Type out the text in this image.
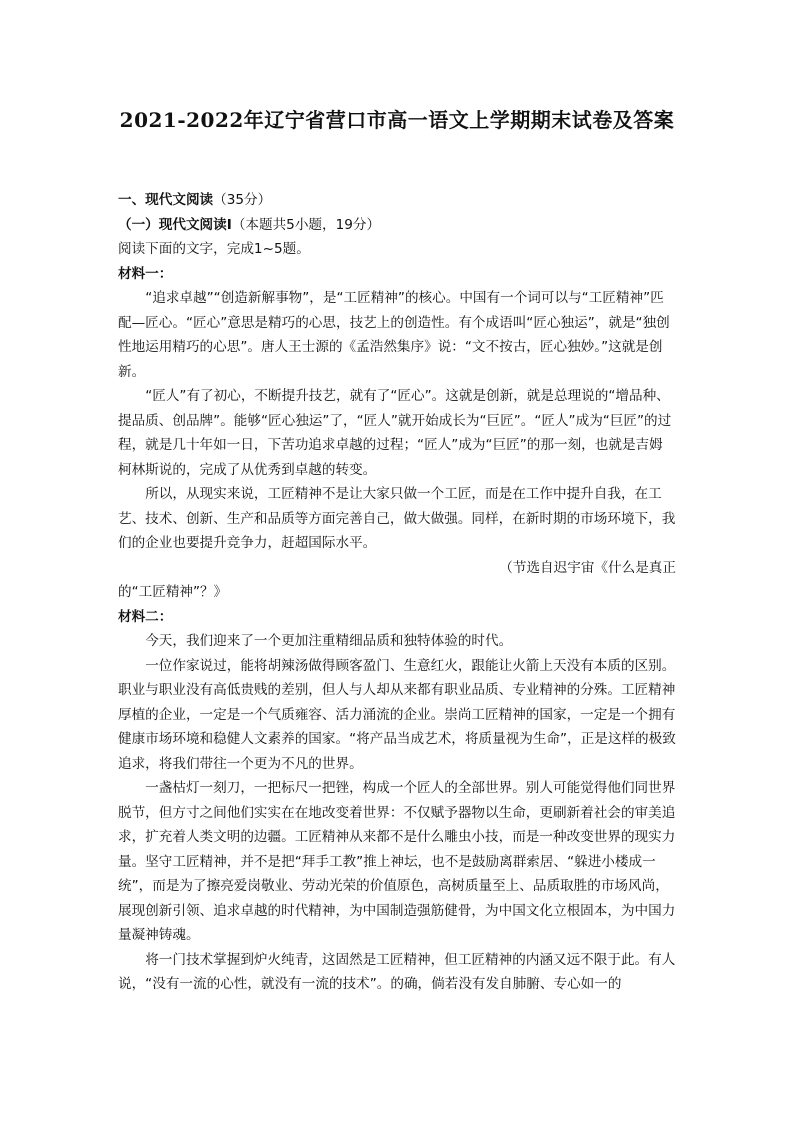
2021-2022年辽宁省营口市高一语文上学期期末试卷及答案

一、现代文阅读（35分）

（一）现代文阅读Ⅰ（本题共5小题，19分）

阅读下面的文字，完成1~5题。

材料一：

“追求卓越”“创造新解事物”，是“工匠精神”的核心。中国有一个词可以与“工匠精神”匹配—匠心。“匠心”意思是精巧的心思，技艺上的创造性。有个成语叫“匠心独运”，就是“独创性地运用精巧的心思”。唐人王士源的《孟浩然集序》说：“文不按古，匠心独妙。”这就是创新。

“匠人”有了初心，不断提升技艺，就有了“匠心”。这就是创新，就是总理说的“增品种、提品质、创品牌”。能够“匠心独运”了，“匠人”就开始成长为“巨匠”。“匠人”成为“巨匠”的过程，就是几十年如一日，下苦功追求卓越的过程；“匠人”成为“巨匠”的那一刻，也就是吉姆柯林斯说的，完成了从优秀到卓越的转变。

所以，从现实来说，工匠精神不是让大家只做一个工匠，而是在工作中提升自我，在工艺、技术、创新、生产和品质等方面完善自己，做大做强。同样，在新时期的市场环境下，我们的企业也要提升竞争力，赶超国际水平。

（节选自迟宇宙《什么是真正

的“工匠精神”？》

材料二：

今天，我们迎来了一个更加注重精细品质和独特体验的时代。

一位作家说过，能将胡辣汤做得顾客盈门、生意红火，跟能让火箭上天没有本质的区别。职业与职业没有高低贵贱的差别，但人与人却从来都有职业品质、专业精神的分殊。工匠精神厚植的企业，一定是一个气质雍容、活力涌流的企业。崇尚工匠精神的国家，一定是一个拥有健康市场环境和稳健人文素养的国家。“将产品当成艺术，将质量视为生命”，正是这样的极致追求，将我们带往一个更为不凡的世界。

一盏枯灯一刻刀，一把标尺一把锉，构成一个匠人的全部世界。别人可能觉得他们同世界脱节，但方寸之间他们实实在在地改变着世界：不仅赋予器物以生命，更刷新着社会的审美追求，扩充着人类文明的边疆。工匠精神从来都不是什么雕虫小技，而是一种改变世界的现实力量。坚守工匠精神，并不是把“拜手工教”推上神坛，也不是鼓励离群索居、“躲进小楼成一统”，而是为了擦亮爱岗敬业、劳动光荣的价值原色，高树质量至上、品质取胜的市场风尚，展现创新引领、追求卓越的时代精神，为中国制造强筋健骨，为中国文化立根固本，为中国力量凝神铸魂。

将一门技术掌握到炉火纯青，这固然是工匠精神，但工匠精神的内涵又远不限于此。有人说，“没有一流的心性，就没有一流的技术”。的确，倘若没有发自肺腑、专心如一的
